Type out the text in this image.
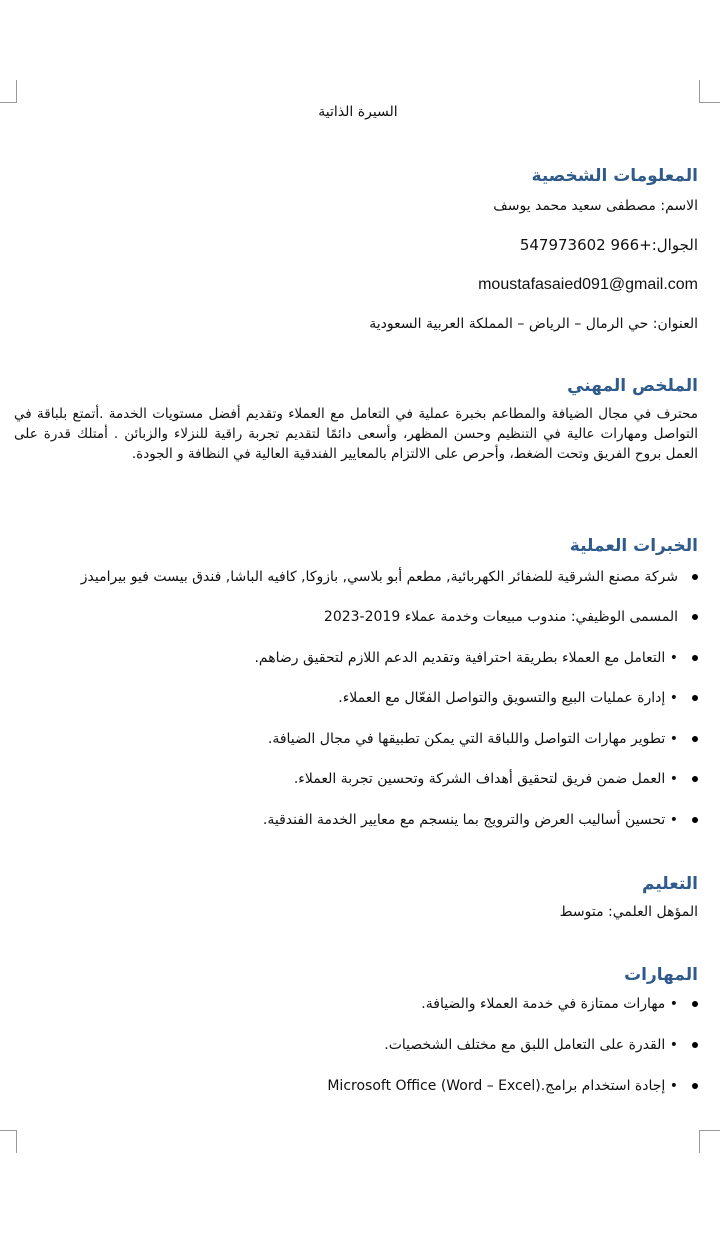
السيرة الذاتية
المعلومات الشخصية
الاسم: مصطفى سعيد محمد يوسف
الجوال:+966 547973602
moustafasaied091@gmail.com
العنوان: حي الرمال – الرياض – المملكة العربية السعودية
الملخص المهني
محترف في مجال الضيافة والمطاعم بخبرة عملية في التعامل مع العملاء وتقديم أفضل مستويات الخدمة .أتمتع بلباقة في التواصل ومهارات عالية في التنظيم وحسن المظهر، وأسعى دائمًا لتقديم تجربة راقية للنزلاء والزبائن . أمتلك قدرة على العمل بروح الفريق وتحت الضغط، وأحرص على الالتزام بالمعايير الفندقية العالية في النظافة و الجودة.
الخبرات العملية
شركة مصنع الشرقية للضفائر الكهربائية, مطعم أبو بلاسي, بازوكا, كافيه الباشا, فندق بيست فيو بيراميدز
المسمى الوظيفي: مندوب مبيعات وخدمة عملاء 2019-2023
• التعامل مع العملاء بطريقة احترافية وتقديم الدعم اللازم لتحقيق رضاهم.
• إدارة عمليات البيع والتسويق والتواصل الفعّال مع العملاء.
• تطوير مهارات التواصل واللباقة التي يمكن تطبيقها في مجال الضيافة.
• العمل ضمن فريق لتحقيق أهداف الشركة وتحسين تجربة العملاء.
• تحسين أساليب العرض والترويج بما ينسجم مع معايير الخدمة الفندقية.
التعليم
المؤهل العلمي: متوسط
المهارات
• مهارات ممتازة في خدمة العملاء والضيافة.
• القدرة على التعامل اللبق مع مختلف الشخصيات.
• إجادة استخدام برامج.(Microsoft Office (Word – Excel
